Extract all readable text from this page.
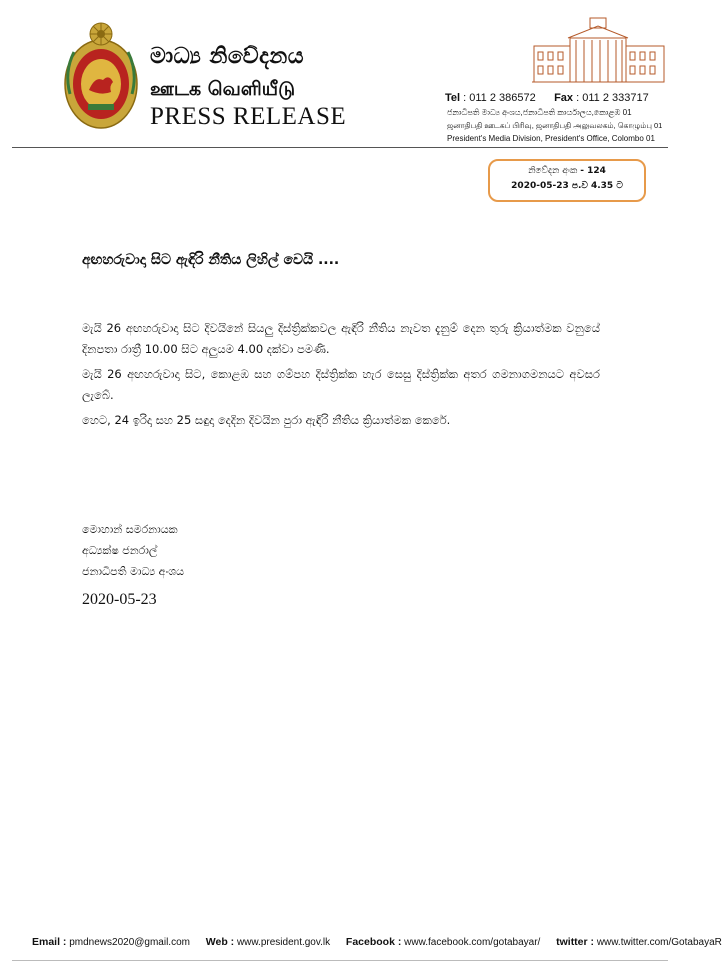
මාධ්‍ය නිවේදනය
ஊடக வெளியீடு
PRESS RELEASE
Tel : 011 2 386572 Fax : 011 2 333717
ජනාධිපති මාධ්‍ය අංශය,ජනාධිපති කාර්යාලය,කොළඹ 01
ஜனாதிபதி ஊடகப் பிரிவு, ஜனாதிபதி அலுவலகம், கொழும்பு 01
President's Media Division, President's Office, Colombo 01
නිවේදන අංක - 124
2020-05-23 ප.ව 4.35 ට
අඟහරුවාදා සිට ඇඳිරි නීතිය ලිහිල් වෙයි ....
මැයි 26 අඟහරුවාදා සිට දිවයිනේ සියලු දිස්ත්‍රික්කවල ඇඳිරි නීතිය නැවත දැනුම් දෙන තුරු ක්‍රියාත්මක වනුයේ දිනපතා රාත්‍රී 10.00 සිට අලුයම 4.00 දක්වා පමණි.
මැයි 26 අඟහරුවාදා සිට, කොළඹ සහ ගම්පහ දිස්ත්‍රික්ක හැර සෙසු දිස්ත්‍රික්ක අතර ගමනාගමනයට අවසර ලැබේ.
හෙට, 24 ඉරිදා සහ 25 සඳුදා දෙදින දිවයින පුරා ඇඳිරි නීතිය ක්‍රියාත්මක කෙරේ.
මොහාන් සමරනායක
අධ්‍යක්ෂ ජනරාල්
ජනාධිපති මාධ්‍ය අංශය
2020-05-23
Email : pmdnews2020@gmail.com Web : www.president.gov.lk Facebook : www.facebook.com/gotabayar/ twitter : www.twitter.com/GotabayaR
